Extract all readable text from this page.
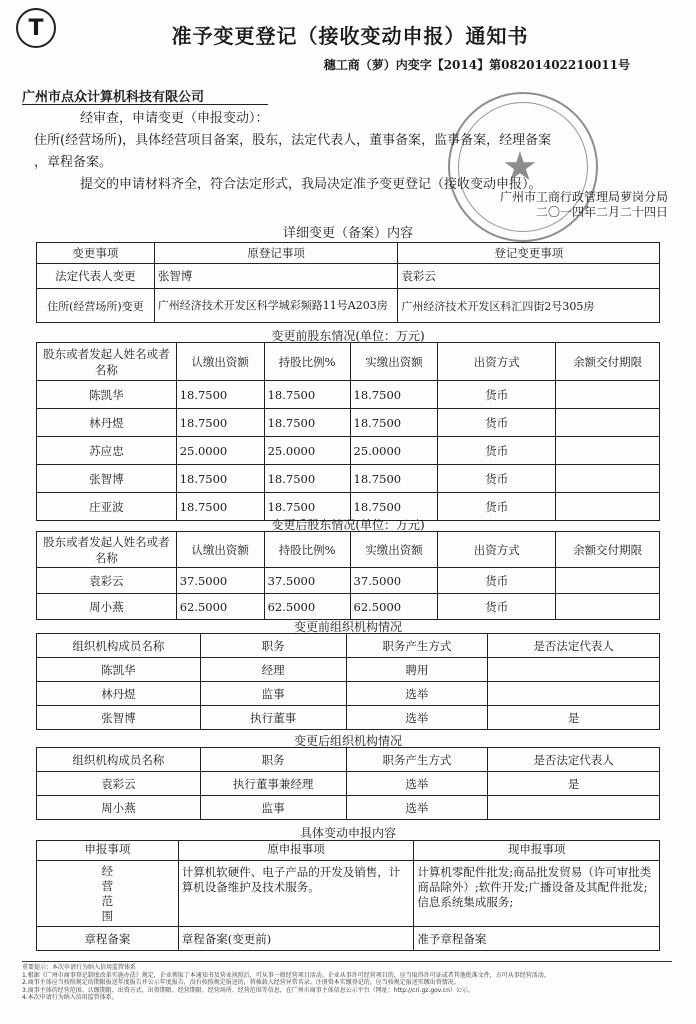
T	准予变更登记（接收变动申报）通知书
穗工商（萝）内变字【2014】第08201402210011号
广州市点众计算机科技有限公司
★
经审查，申请变更（申报变动）：
住所(经营场所)，具体经营项目备案，股东，法定代表人，董事备案，监事备案，经理备案
，章程备案。
提交的申请材料齐全，符合法定形式，我局决定准予变更登记（接收变动申报）。
广州市工商行政管理局萝岗分局
二〇一四年二月二十四日
详细变更（备案）内容
变更事项	原登记事项	登记变更事项
法定代表人变更	张智博	袁彩云
住所(经营场所)变更	广州经济技术开发区科学城彩频路11号A203房	广州经济技术开发区科汇四街2号305房
变更前股东情况(单位：万元)
股东或者发起人姓名或者名称	认缴出资额	持股比例%	实缴出资额	出资方式	余额交付期限
陈凯华	18.7500	18.7500	18.7500	货币	
林丹煜	18.7500	18.7500	18.7500	货币	
苏应忠	25.0000	25.0000	25.0000	货币	
张智博	18.7500	18.7500	18.7500	货币	
庄亚波	18.7500	18.7500	18.7500	货币	
变更后股东情况(单位：万元)
股东或者发起人姓名或者名称	认缴出资额	持股比例%	实缴出资额	出资方式	余额交付期限
袁彩云	37.5000	37.5000	37.5000	货币	
周小燕	62.5000	62.5000	62.5000	货币	
变更前组织机构情况
组织机构成员名称	职务	职务产生方式	是否法定代表人
陈凯华	经理	聘用	
林丹煜	监事	选举	
张智博	执行董事	选举	是
变更后组织机构情况
组织机构成员名称	职务	职务产生方式	是否法定代表人
袁彩云	执行董事兼经理	选举	是
周小燕	监事	选举	
具体变动申报内容
申报事项	原申报事项	现申报事项

经营范围	计算机软硬件、电子产品的开发及销售，计算机设备维护及技术服务。	计算机零配件批发;商品批发贸易（许可审批类商品除外）;软件开发;广播设备及其配件批发;信息系统集成服务;
章程备案	章程备案(变更前)	准予章程备案
重要提示：本次申请行为纳入信用监管体系
1.根据《广州市商事登记制度改革实施办法》规定，企业领取了本通知书及营业执照后，可从事一般经营项目活动。企业从事许可经营项目的，应当取得许可证或者其他批准文件，方可从事经营活动。
2.商事主体应当按照规定的期限报送年度报告并公示年度报告，没有按照规定报送的，将被载入经营异常名录。注册资本实缴登记的，应当按规定报送实缴出资情况。
3.商事主体的经营范围、认缴期限、出资方式、出资期限、经营期限、经营场所、经营范围等信息，在广州市商事主体信息公示平台（网址：http://cri.gz.gov.cn）公示。
4.本次申请行为纳入信用监管体系。
